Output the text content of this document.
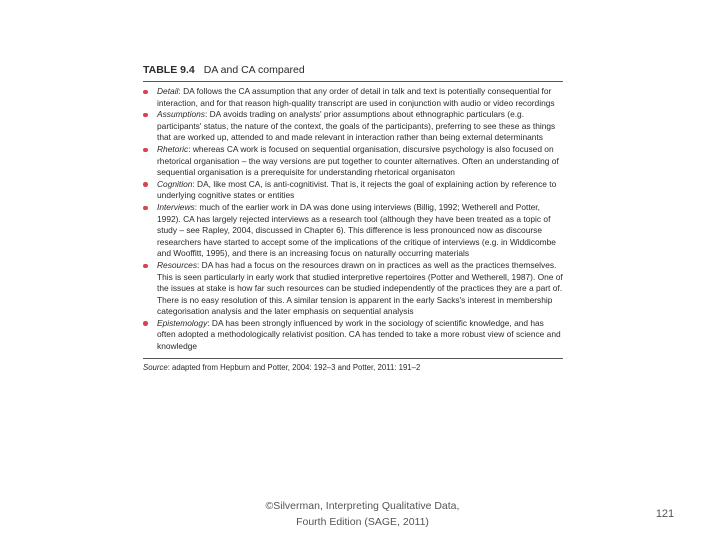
TABLE 9.4 DA and CA compared
Detail: DA follows the CA assumption that any order of detail in talk and text is potentially consequential for interaction, and for that reason high-quality transcript are used in conjunction with audio or video recordings
Assumptions: DA avoids trading on analysts' prior assumptions about ethnographic particulars (e.g. participants' status, the nature of the context, the goals of the participants), preferring to see these as things that are worked up, attended to and made relevant in interaction rather than being external determinants
Rhetoric: whereas CA work is focused on sequential organisation, discursive psychology is also focused on rhetorical organisation – the way versions are put together to counter alternatives. Often an understanding of sequential organisation is a prerequisite for understanding rhetorical organisaton
Cognition: DA, like most CA, is anti-cognitivist. That is, it rejects the goal of explaining action by reference to underlying cognitive states or entities
Interviews: much of the earlier work in DA was done using interviews (Billig, 1992; Wetherell and Potter, 1992). CA has largely rejected interviews as a research tool (although they have been treated as a topic of study – see Rapley, 2004, discussed in Chapter 6). This difference is less pronounced now as discourse researchers have started to accept some of the implications of the critique of interviews (e.g. in Widdicombe and Wooffitt, 1995), and there is an increasing focus on naturally occurring materials
Resources: DA has had a focus on the resources drawn on in practices as well as the practices themselves. This is seen particularly in early work that studied interpretive repertoires (Potter and Wetherell, 1987). One of the issues at stake is how far such resources can be studied independently of the practices they are a part of. There is no easy resolution of this. A similar tension is apparent in the early Sacks's interest in membership categorisation analysis and the later emphasis on sequential analysis
Epistemology: DA has been strongly influenced by work in the sociology of scientific knowledge, and has often adopted a methodologically relativist position. CA has tended to take a more robust view of science and knowledge
Source: adapted from Hepburn and Potter, 2004: 192–3 and Potter, 2011: 191–2
©Silverman, Interpreting Qualitative Data,
Fourth Edition (SAGE, 2011)
121
